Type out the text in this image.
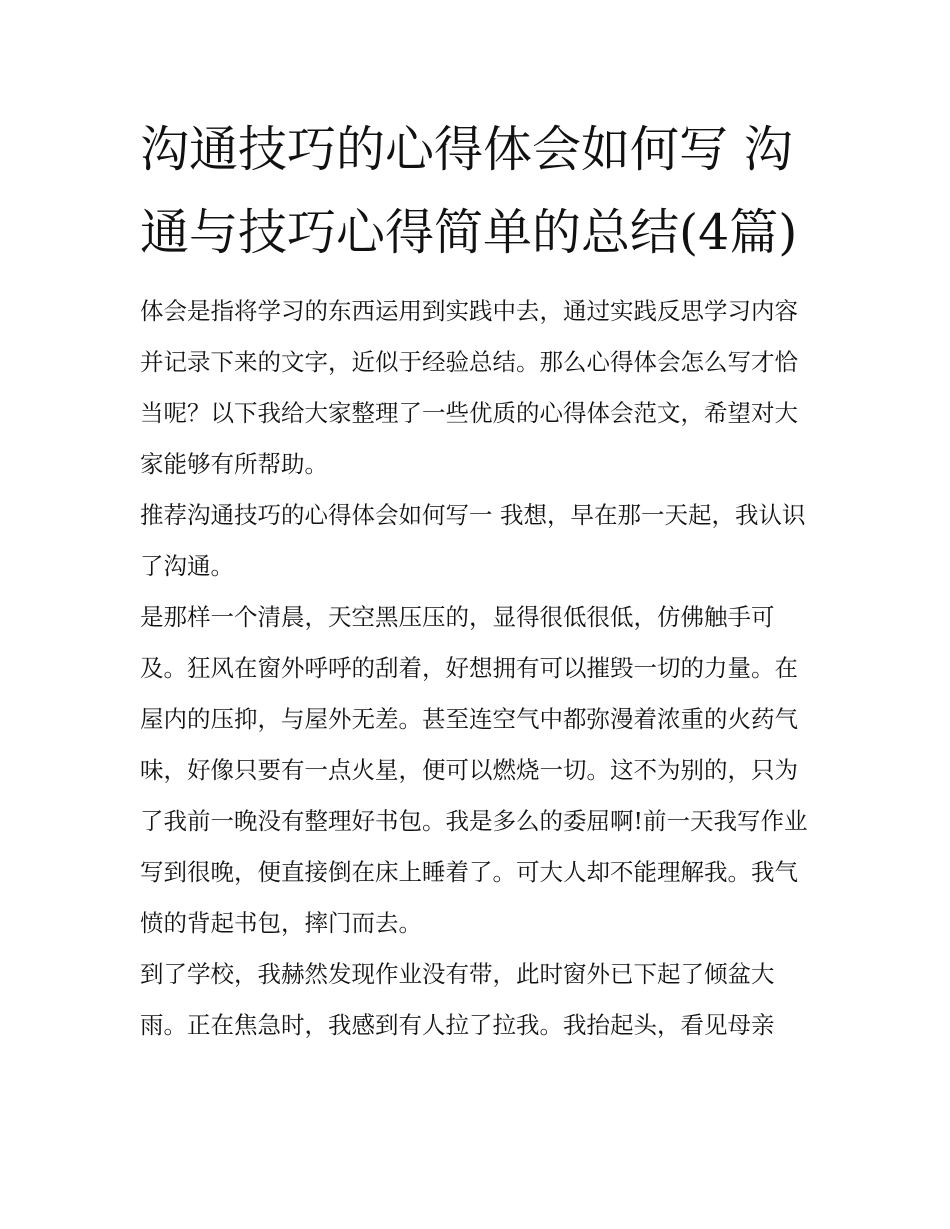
沟通技巧的心得体会如何写 沟通与技巧心得简单的总结(4篇)

体会是指将学习的东西运用到实践中去，通过实践反思学习内容并记录下来的文字，近似于经验总结。那么心得体会怎么写才恰当呢？以下我给大家整理了一些优质的心得体会范文，希望对大家能够有所帮助。

推荐沟通技巧的心得体会如何写一 我想，早在那一天起，我认识了沟通。

是那样一个清晨，天空黑压压的，显得很低很低，仿佛触手可及。狂风在窗外呼呼的刮着，好想拥有可以摧毁一切的力量。在屋内的压抑，与屋外无差。甚至连空气中都弥漫着浓重的火药气味，好像只要有一点火星，便可以燃烧一切。这不为别的，只为了我前一晚没有整理好书包。我是多么的委屈啊!前一天我写作业写到很晚，便直接倒在床上睡着了。可大人却不能理解我。我气愤的背起书包，摔门而去。

到了学校，我赫然发现作业没有带，此时窗外已下起了倾盆大雨。正在焦急时，我感到有人拉了拉我。我抬起头，看见母亲
